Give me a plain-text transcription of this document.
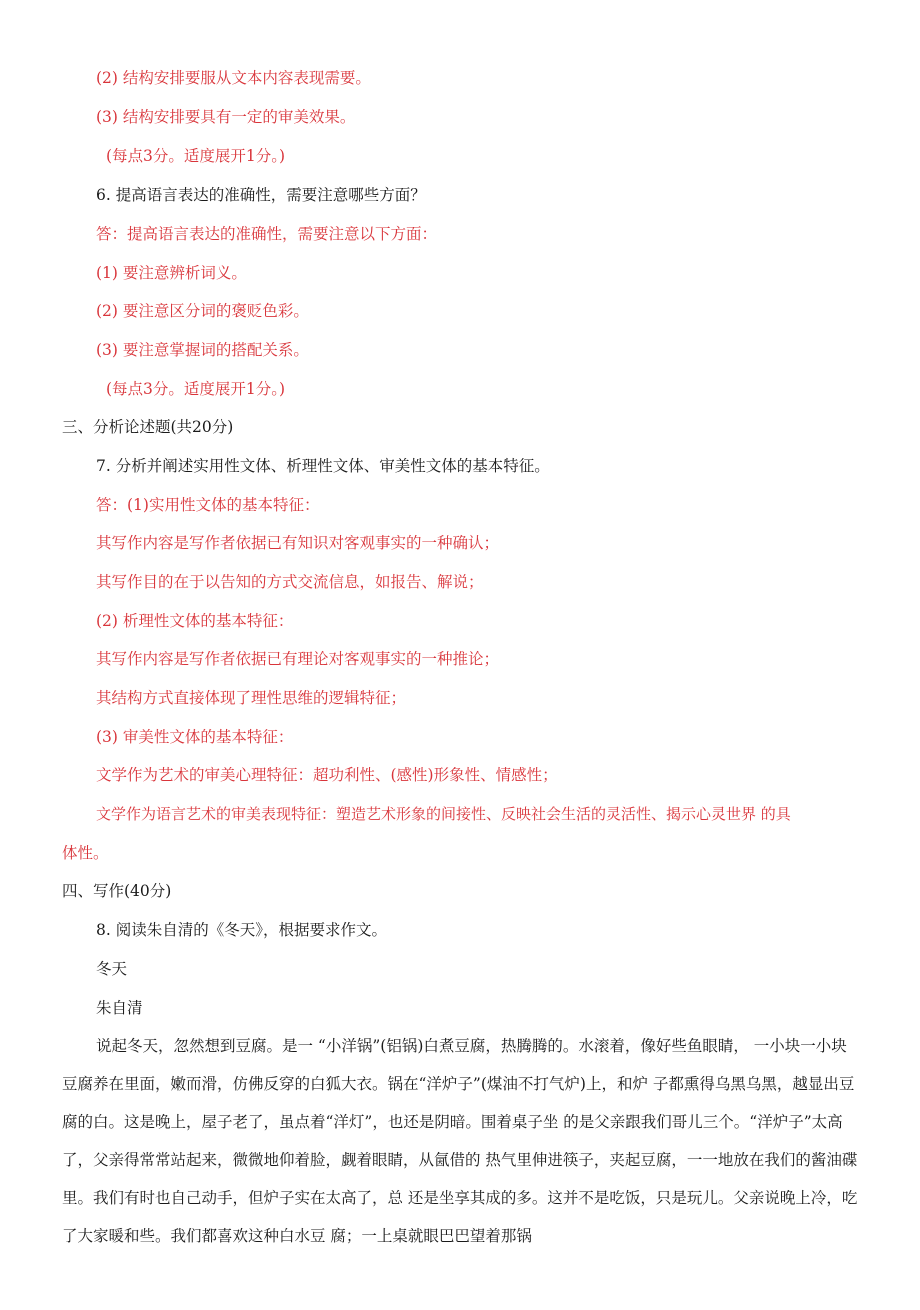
(2) 结构安排要服从文本内容表现需要。
(3) 结构安排要具有一定的审美效果。
(每点3分。适度展开1分。)
6. 提高语言表达的准确性，需要注意哪些方面？
答：提高语言表达的准确性，需要注意以下方面：
(1) 要注意辨析词义。
(2) 要注意区分词的褒贬色彩。
(3) 要注意掌握词的搭配关系。
(每点3分。适度展开1分。)
三、分析论述题(共20分)
7. 分析并阐述实用性文体、析理性文体、审美性文体的基本特征。
答：(1)实用性文体的基本特征：
其写作内容是写作者依据已有知识对客观事实的一种确认；
其写作目的在于以告知的方式交流信息，如报告、解说；
(2) 析理性文体的基本特征：
其写作内容是写作者依据已有理论对客观事实的一种推论；
其结构方式直接体现了理性思维的逻辑特征；
(3) 审美性文体的基本特征：
文学作为艺术的审美心理特征：超功利性、(感性)形象性、情感性；
文学作为语言艺术的审美表现特征：塑造艺术形象的间接性、反映社会生活的灵活性、揭示心灵世界 的具
体性。
四、写作(40分)
8. 阅读朱自清的《冬天》，根据要求作文。
冬天
朱自清
说起冬天，忽然想到豆腐。是一 “小洋锅”(铝锅)白煮豆腐，热腾腾的。水滚着，像好些鱼眼睛， 一小块一小块豆腐养在里面，嫩而滑，仿佛反穿的白狐大衣。锅在“洋炉子”(煤油不打气炉)上，和炉 子都熏得乌黑乌黑，越显出豆腐的白。这是晚上，屋子老了，虽点着“洋灯”，也还是阴暗。围着桌子坐 的是父亲跟我们哥儿三个。“洋炉子”太高了，父亲得常常站起来，微微地仰着脸，觑着眼睛，从氤借的 热气里伸进筷子，夹起豆腐，一一地放在我们的酱油碟里。我们有时也自己动手，但炉子实在太高了，总 还是坐享其成的多。这并不是吃饭，只是玩儿。父亲说晚上冷，吃了大家暖和些。我们都喜欢这种白水豆 腐；一上桌就眼巴巴望着那锅
